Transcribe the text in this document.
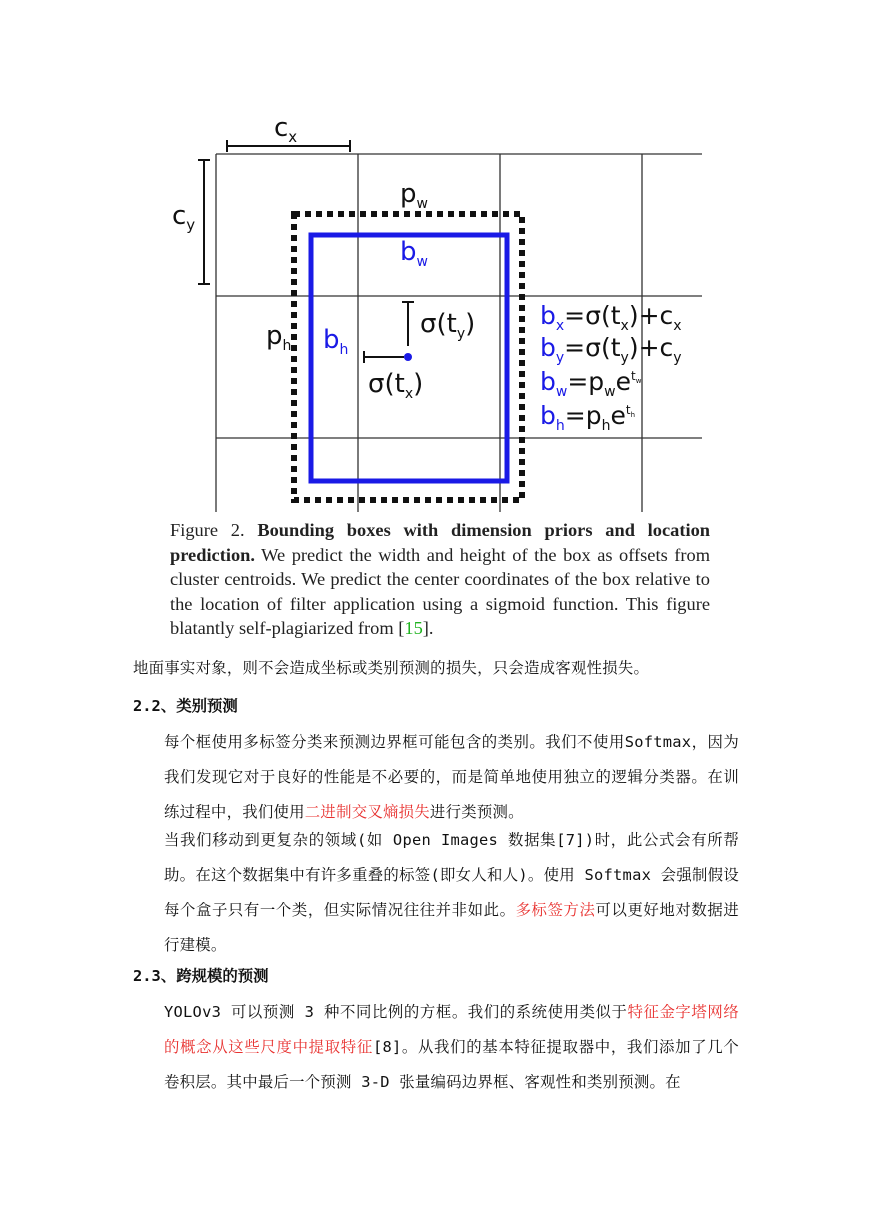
$c_x$
$c_y$
$p_w$
$b_w$
$p_h$ $b_h$
$\sigma(t_y)$
$\sigma(t_x)$
$b_x=\sigma(t_x)+c_x$
$b_y=\sigma(t_y)+c_y$
$b_w=p_we^tw$
$b_h=p_he^th$
Figure 2. Bounding boxes with dimension priors and location prediction. We predict the width and height of the box as offsets from cluster centroids. We predict the center coordinates of the box relative to the location of filter application using a sigmoid function. This figure blatantly self-plagiarized from [15].
地面事实对象，则不会造成坐标或类别预测的损失，只会造成客观性损失。
2.2、类别预测
每个框使用多标签分类来预测边界框可能包含的类别。我们不使用Softmax，因为我们发现它对于良好的性能是不必要的，而是简单地使用独立的逻辑分类器。在训练过程中，我们使用二进制交叉熵损失进行类预测。
当我们移动到更复杂的领域(如 Open Images 数据集[7])时，此公式会有所帮助。在这个数据集中有许多重叠的标签(即女人和人)。使用 Softmax 会强制假设每个盒子只有一个类，但实际情况往往并非如此。多标签方法可以更好地对数据进行建模。
2.3、跨规模的预测
YOLOv3 可以预测 3 种不同比例的方框。我们的系统使用类似于特征金字塔网络的概念从这些尺度中提取特征[8]。从我们的基本特征提取器中，我们添加了几个卷积层。其中最后一个预测 3-D 张量编码边界框、客观性和类别预测。在
